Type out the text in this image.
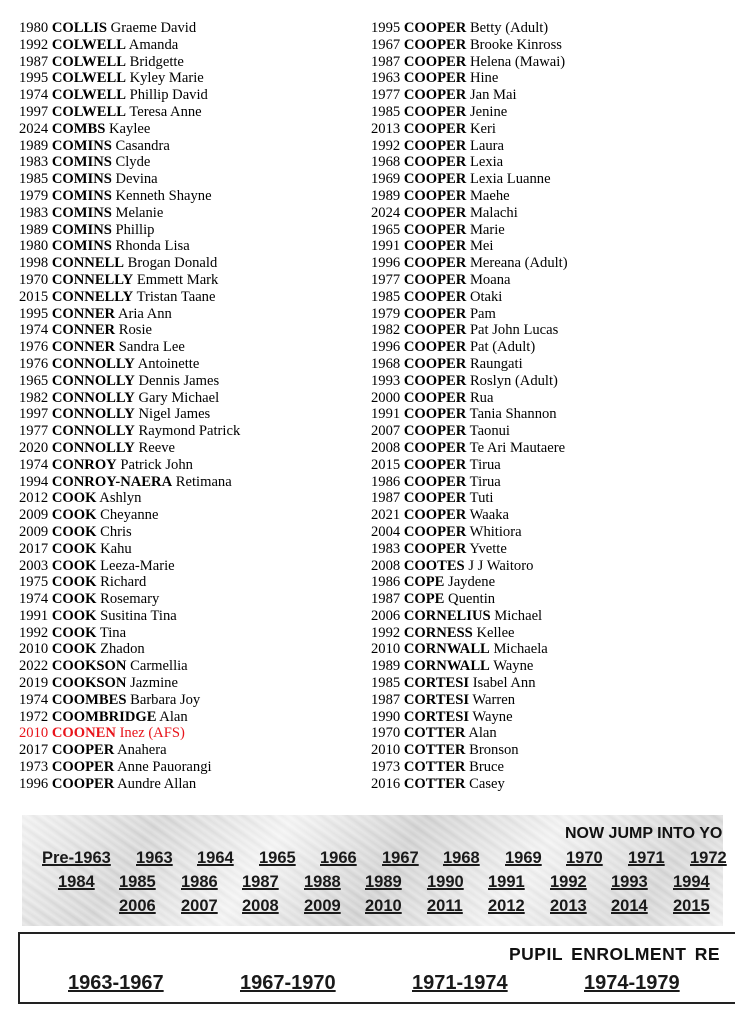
1980 COLLIS Graeme David
1992 COLWELL Amanda
1987 COLWELL Bridgette
1995 COLWELL Kyley Marie
1974 COLWELL Phillip David
1997 COLWELL Teresa Anne
2024 COMBS Kaylee
1989 COMINS Casandra
1983 COMINS Clyde
1985 COMINS Devina
1979 COMINS Kenneth Shayne
1983 COMINS Melanie
1989 COMINS Phillip
1980 COMINS Rhonda Lisa
1998 CONNELL Brogan Donald
1970 CONNELLY Emmett Mark
2015 CONNELLY Tristan Taane
1995 CONNER Aria Ann
1974 CONNER Rosie
1976 CONNER Sandra Lee
1976 CONNOLLY Antoinette
1965 CONNOLLY Dennis James
1982 CONNOLLY Gary Michael
1997 CONNOLLY Nigel James
1977 CONNOLLY Raymond Patrick
2020 CONNOLLY Reeve
1974 CONROY Patrick John
1994 CONROY-NAERA Retimana
2012 COOK Ashlyn
2009 COOK Cheyanne
2009 COOK Chris
2017 COOK Kahu
2003 COOK Leeza-Marie
1975 COOK Richard
1974 COOK Rosemary
1991 COOK Susitina Tina
1992 COOK Tina
2010 COOK Zhadon
2022 COOKSON Carmellia
2019 COOKSON Jazmine
1974 COOMBES Barbara Joy
1972 COOMBRIDGE Alan
2010 COONEN Inez (AFS)
2017 COOPER Anahera
1973 COOPER Anne Pauorangi
1996 COOPER Aundre Allan
1995 COOPER Betty (Adult)
1967 COOPER Brooke Kinross
1987 COOPER Helena (Mawai)
1963 COOPER Hine
1977 COOPER Jan Mai
1985 COOPER Jenine
2013 COOPER Keri
1992 COOPER Laura
1968 COOPER Lexia
1969 COOPER Lexia Luanne
1989 COOPER Maehe
2024 COOPER Malachi
1965 COOPER Marie
1991 COOPER Mei
1996 COOPER Mereana (Adult)
1977 COOPER Moana
1985 COOPER Otaki
1979 COOPER Pam
1982 COOPER Pat John Lucas
1996 COOPER Pat (Adult)
1968 COOPER Raungati
1993 COOPER Roslyn (Adult)
2000 COOPER Rua
1991 COOPER Tania Shannon
2007 COOPER Taonui
2008 COOPER Te Ari Mautaere
2015 COOPER Tirua
1986 COOPER Tirua
1987 COOPER Tuti
2021 COOPER Waaka
2004 COOPER Whitiora
1983 COOPER Yvette
2008 COOTES J J Waitoro
1986 COPE Jaydene
1987 COPE Quentin
2006 CORNELIUS Michael
1992 CORNESS Kellee
2010 CORNWALL Michaela
1989 CORNWALL Wayne
1985 CORTESI Isabel Ann
1987 CORTESI Warren
1990 CORTESI Wayne
1970 COTTER Alan
2010 COTTER Bronson
1973 COTTER Bruce
2016 COTTER Casey
NOW JUMP INTO YO
Pre-1963 1963 1964 1965 1966 1967 1968 1969 1970 1971 1972
1984 1985 1986 1987 1988 1989 1990 1991 1992 1993 1994
2006 2007 2008 2009 2010 2011 2012 2013 2014 2015
PUPIL ENROLMENT RE
1963-1967	1967-1970	1971-1974	1974-1979
